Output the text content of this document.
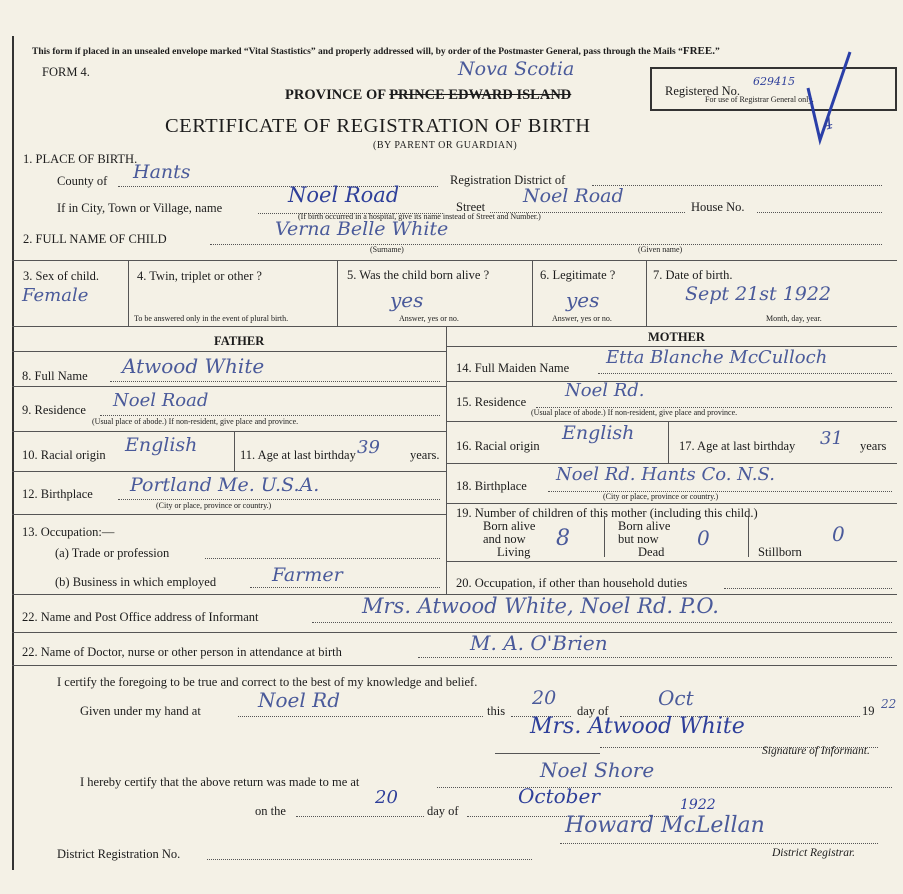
This form if placed in an unsealed envelope marked “Vital Stastistics” and properly addressed will, by order of the Postmaster General, pass through the Mails “FREE.”
FORM 4.	Nova Scotia
PROVINCE OF PRINCE EDWARD ISLAND	Registered No.
629415
For use of Registrar General only.
4
CERTIFICATE OF REGISTRATION OF BIRTH
(BY PARENT OR GUARDIAN)
1. PLACE OF BIRTH.
County of Hants	Registration District of
If in City, Town or Village, name
Noel Road	Street Noel Road	House No.
(If birth occurred in a hospital, give its name instead of Street and Number.)
2. FULL NAME OF CHILD	Verna Belle White
(Surname)	(Given name)
3. Sex of child.
Female
4. Twin, triplet or other ?
To be answered only in the event of plural birth.
5. Was the child born alive ?
yes
Answer, yes or no.
6. Legitimate ?
yes
Answer, yes or no.
7. Date of birth.
Sept 21st 1922
Month, day, year.
FATHER	MOTHER
8. Full Name Atwood White
9. Residence Noel Road
(Usual place of abode.) If non-resident, give place and province.
10. Racial origin English	11. Age at last birthday 39 years.
12. Birthplace Portland Me. U.S.A.
(City or place, province or country.)
13. Occupation:—
(a) Trade or profession
(b) Business in which employed	Farmer
14. Full Maiden Name Etta Blanche McCulloch
15. Residence
Noel Rd.
(Usual place of abode.) If non-resident, give place and province.
16. Racial origin
English
17. Age at last birthday 31 years
18. Birthplace
Noel Rd. Hants Co. N.S.
(City or place, province or country.)
19. Number of children of this mother (including this child.)
Born alive
and now
Living
8	Born alive
but now
Dead
0
Stillborn
0
20. Occupation, if other than household duties
22. Name and Post Office address of Informant	Mrs. Atwood White, Noel Rd. P.O.
22. Name of Doctor, nurse or other person in attendance at birth	M. A. O'Brien
I certify the foregoing to be true and correct to the best of my knowledge and belief.
Given under my hand at	Noel Rd	this
20
day of
Oct
19 22
Mrs. Atwood White
Signature of Informant.
I hereby certify that the above return was made to me at	Noel Shore
on the
20
day of
October	1922
Howard McLellan
District Registration No.	District Registrar.
